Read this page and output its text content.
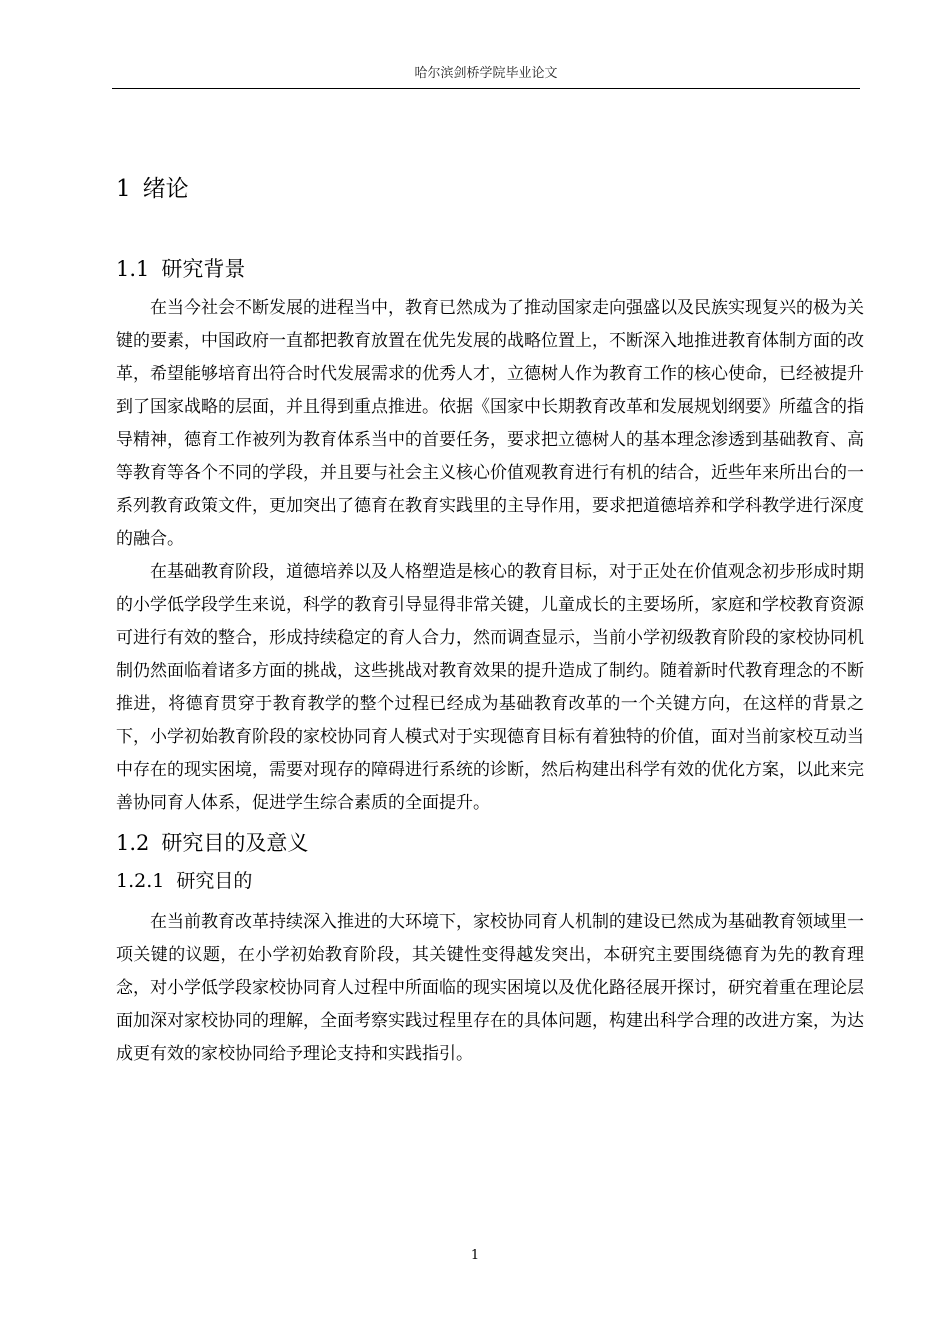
哈尔滨剑桥学院毕业论文
1 绪论
1.1 研究背景

在当今社会不断发展的进程当中，教育已然成为了推动国家走向强盛以及民族实现复兴的极为关键的要素，中国政府一直都把教育放置在优先发展的战略位置上，不断深入地推进教育体制方面的改革，希望能够培育出符合时代发展需求的优秀人才，立德树人作为教育工作的核心使命，已经被提升到了国家战略的层面，并且得到重点推进。依据《国家中长期教育改革和发展规划纲要》所蕴含的指导精神，德育工作被列为教育体系当中的首要任务，要求把立德树人的基本理念渗透到基础教育、高等教育等各个不同的学段，并且要与社会主义核心价值观教育进行有机的结合，近些年来所出台的一系列教育政策文件，更加突出了德育在教育实践里的主导作用，要求把道德培养和学科教学进行深度的融合。

在基础教育阶段，道德培养以及人格塑造是核心的教育目标，对于正处在价值观念初步形成时期的小学低学段学生来说，科学的教育引导显得非常关键，儿童成长的主要场所，家庭和学校教育资源可进行有效的整合，形成持续稳定的育人合力，然而调查显示，当前小学初级教育阶段的家校协同机制仍然面临着诸多方面的挑战，这些挑战对教育效果的提升造成了制约。随着新时代教育理念的不断推进，将德育贯穿于教育教学的整个过程已经成为基础教育改革的一个关键方向，在这样的背景之下，小学初始教育阶段的家校协同育人模式对于实现德育目标有着独特的价值，面对当前家校互动当中存在的现实困境，需要对现存的障碍进行系统的诊断，然后构建出科学有效的优化方案，以此来完善协同育人体系，促进学生综合素质的全面提升。

1.2 研究目的及意义
1.2.1 研究目的

在当前教育改革持续深入推进的大环境下，家校协同育人机制的建设已然成为基础教育领域里一项关键的议题，在小学初始教育阶段，其关键性变得越发突出，本研究主要围绕德育为先的教育理念，对小学低学段家校协同育人过程中所面临的现实困境以及优化路径展开探讨，研究着重在理论层面加深对家校协同的理解，全面考察实践过程里存在的具体问题，构建出科学合理的改进方案，为达成更有效的家校协同给予理论支持和实践指引。

1
